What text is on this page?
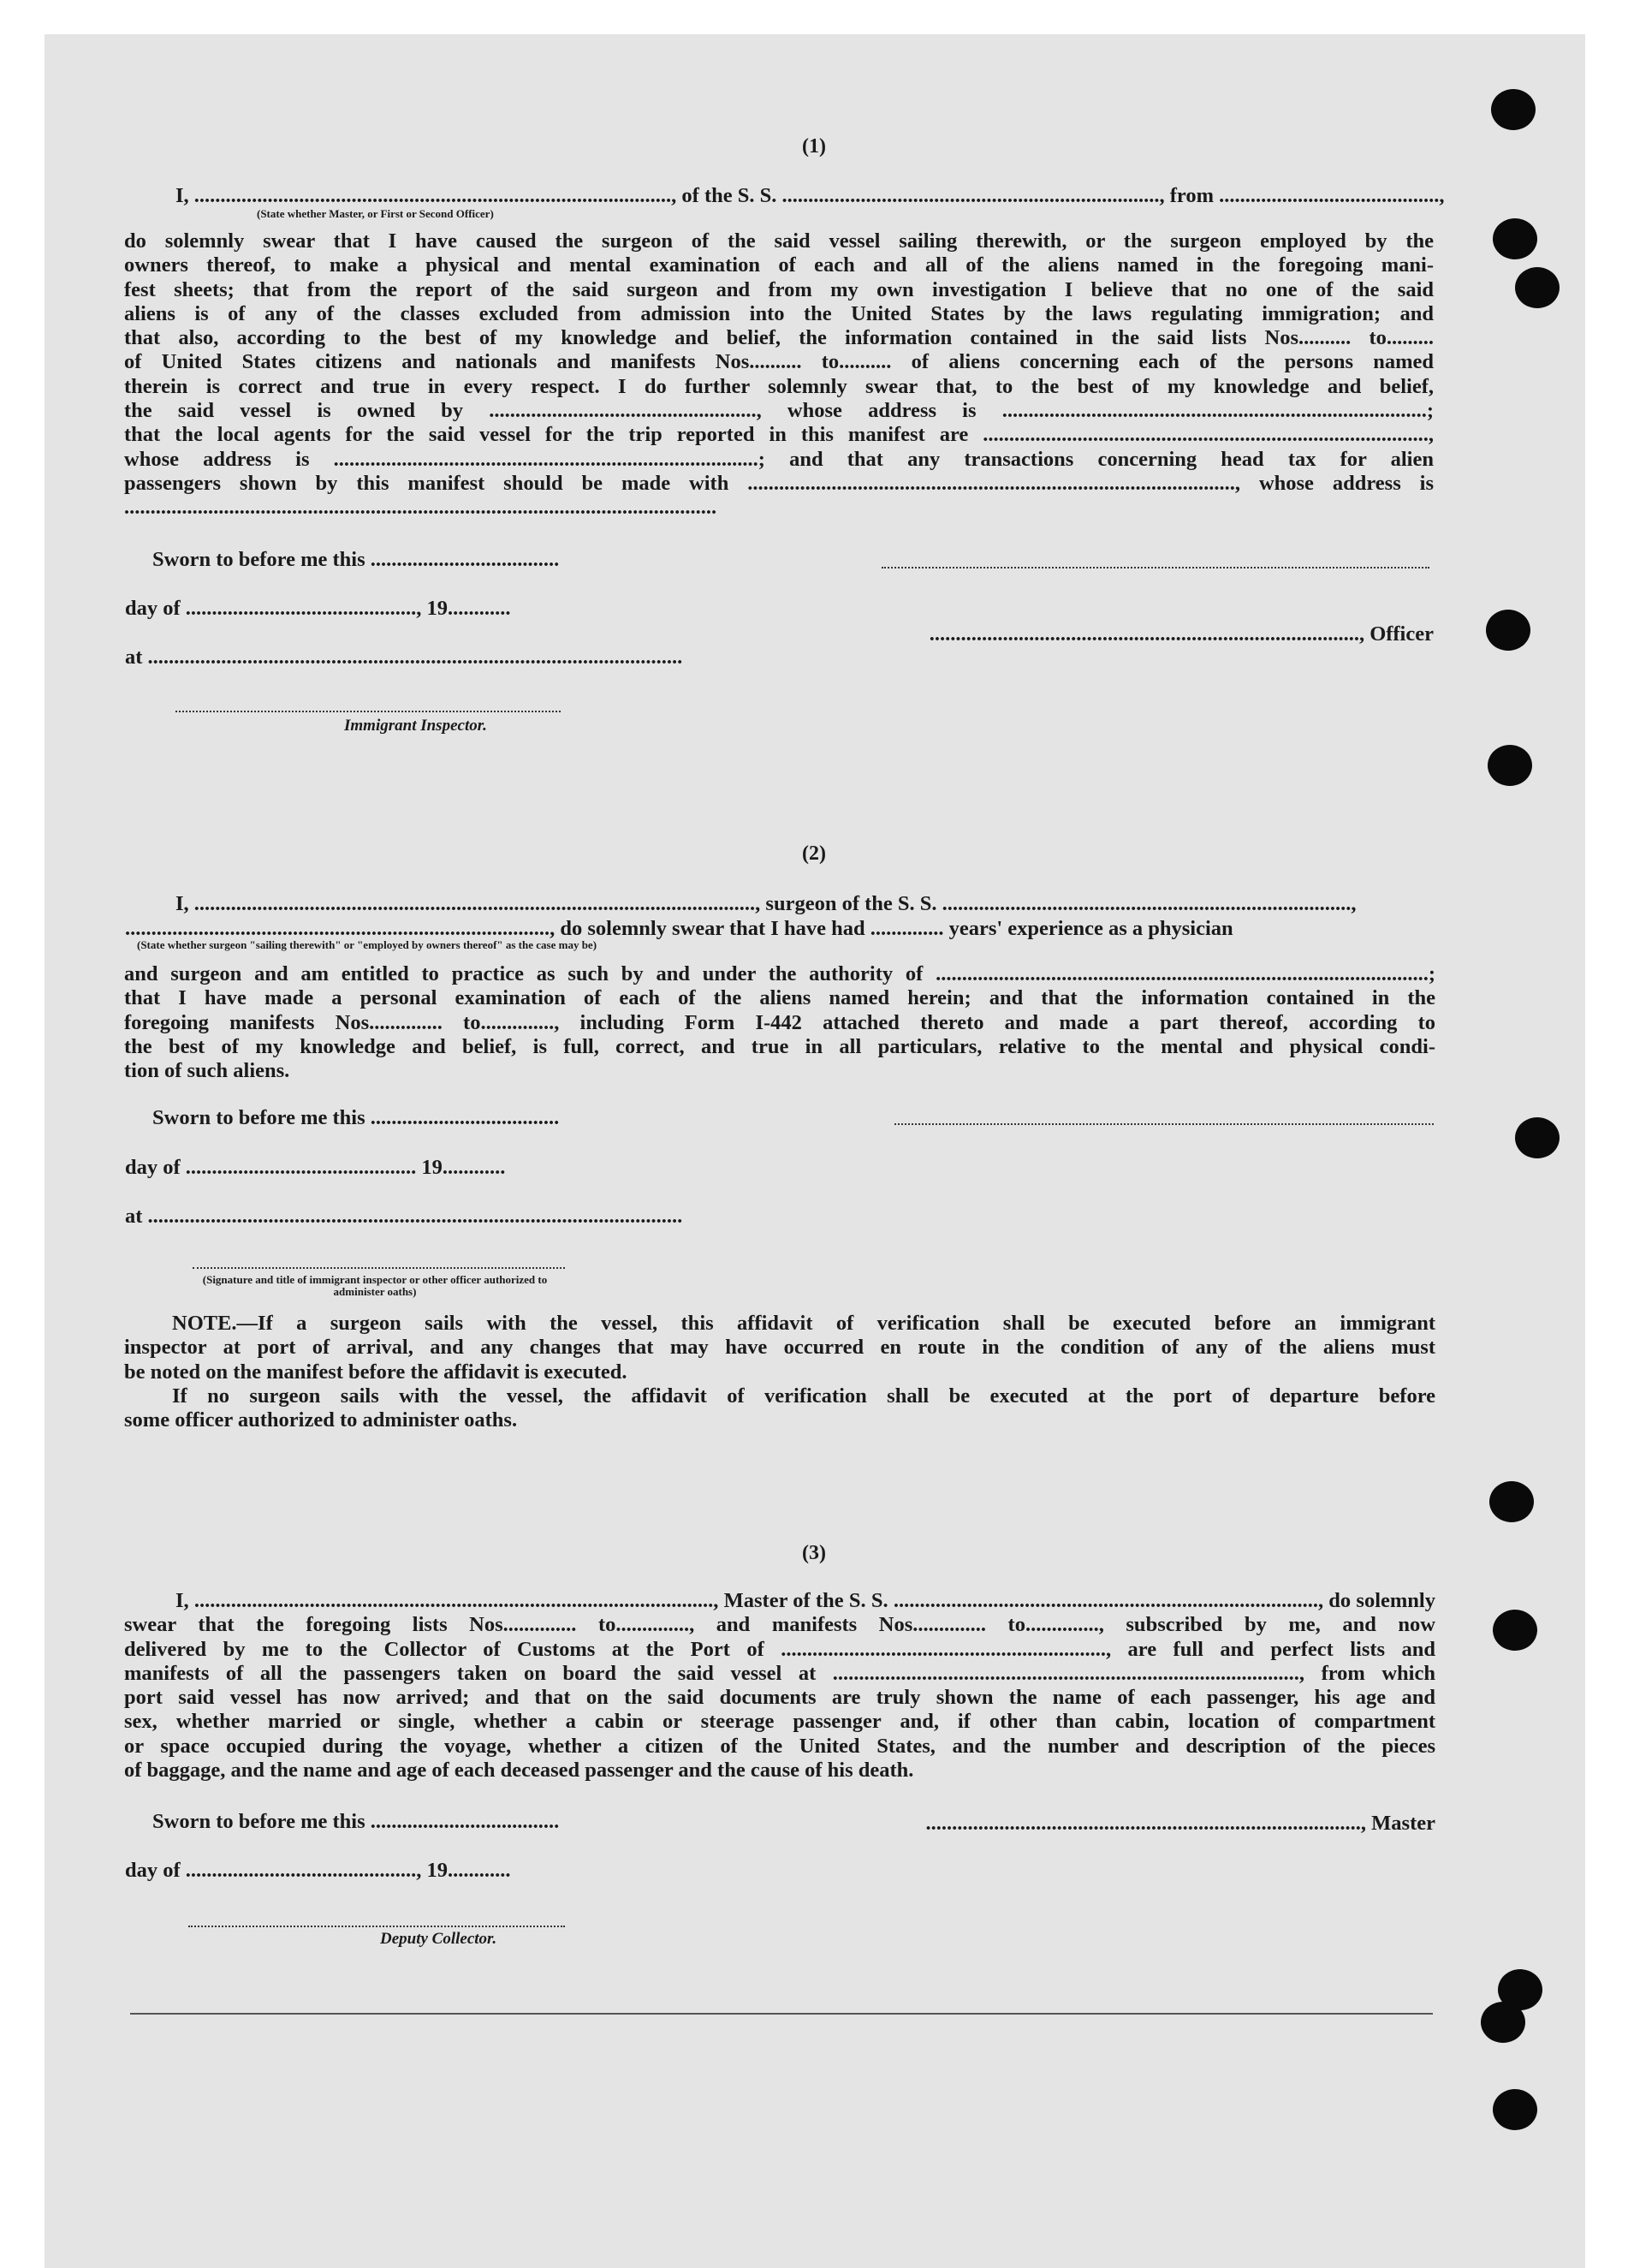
(1)
I, ..........................................................................................., of the S. S. ........................................................................, from ..........................................,
(State whether Master, or First or Second Officer)
do solemnly swear that I have caused the surgeon of the said vessel sailing therewith, or the surgeon employed by the
owners thereof, to make a physical and mental examination of each and all of the aliens named in the foregoing mani-
fest sheets; that from the report of the said surgeon and from my own investigation I believe that no one of the said
aliens is of any of the classes excluded from admission into the United States by the laws regulating immigration; and
that also, according to the best of my knowledge and belief, the information contained in the said lists Nos.......... to.........
of United States citizens and nationals and manifests Nos.......... to.......... of aliens concerning each of the persons named
therein is correct and true in every respect. I do further solemnly swear that, to the best of my knowledge and belief,
the said vessel is owned by ..................................................., whose address is .................................................................................;
that the local agents for the said vessel for the trip reported in this manifest are .....................................................................................,
whose address is .................................................................................; and that any transactions concerning head tax for alien
passengers shown by this manifest should be made with ............................................................................................., whose address is
.................................................................................................................
Sworn to before me this ....................................
day of ............................................, 19............
.................................................................................., Officer
at ......................................................................................................
Immigrant Inspector.
(2)
I, ..........................................................................................................., surgeon of the S. S. ..............................................................................,
................................................................................., do solemnly swear that I have had .............. years' experience as a physician
(State whether surgeon "sailing therewith" or "employed by owners thereof" as the case may be)
and surgeon and am entitled to practice as such by and under the authority of ..............................................................................................;
that I have made a personal examination of each of the aliens named herein; and that the information contained in the
foregoing manifests Nos.............. to.............., including Form I-442 attached thereto and made a part thereof, according to
the best of my knowledge and belief, is full, correct, and true in all particulars, relative to the mental and physical condi-
tion of such aliens.
Sworn to before me this ....................................
day of ............................................ 19............
at ......................................................................................................
(Signature and title of immigrant inspector or other officer authorized to administer oaths)
NOTE.—If a surgeon sails with the vessel, this affidavit of verification shall be executed before an immigrant
inspector at port of arrival, and any changes that may have occurred en route in the condition of any of the aliens must
be noted on the manifest before the affidavit is executed.
If no surgeon sails with the vessel, the affidavit of verification shall be executed at the port of departure before
some officer authorized to administer oaths.
(3)
I, ..................................................................................................., Master of the S. S. ................................................................................., do solemnly
swear that the foregoing lists Nos.............. to.............., and manifests Nos.............. to.............., subscribed by me, and now
delivered by me to the Collector of Customs at the Port of .............................................................., are full and perfect lists and
manifests of all the passengers taken on board the said vessel at ........................................................................................., from which
port said vessel has now arrived; and that on the said documents are truly shown the name of each passenger, his age and
sex, whether married or single, whether a cabin or steerage passenger and, if other than cabin, location of compartment
or space occupied during the voyage, whether a citizen of the United States, and the number and description of the pieces
of baggage, and the name and age of each deceased passenger and the cause of his death.
Sworn to before me this ....................................	..................................................................................., Master
day of ............................................, 19............
Deputy Collector.
